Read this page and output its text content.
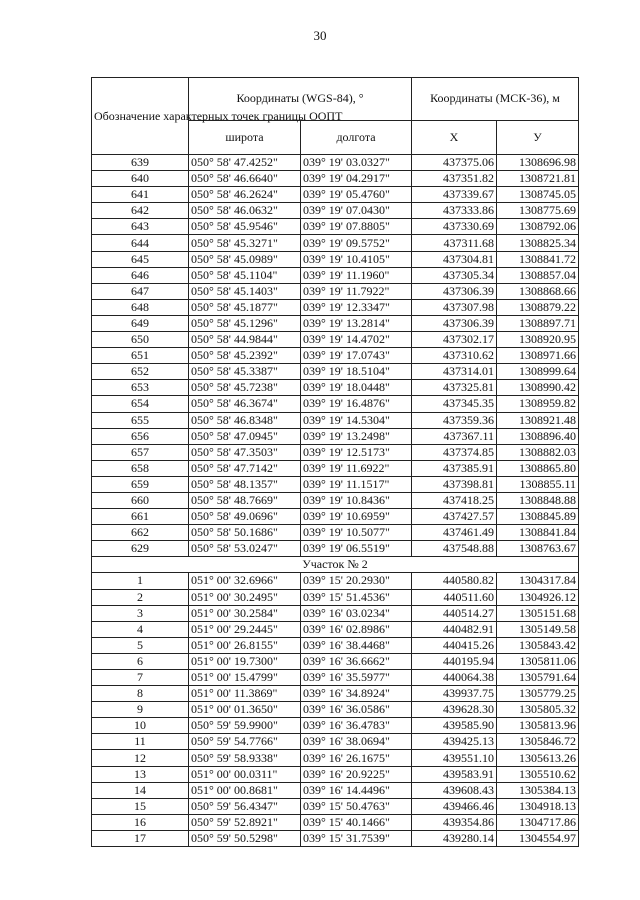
30
Обозначение характерных точек границы ООПТ	Координаты (WGS-84), °		Координаты (МСК-36), м	
	широта	долгота	X	У
639	050° 58' 47.4252"	039° 19' 03.0327"	437375.06	1308696.98
640	050° 58' 46.6640"	039° 19' 04.2917"	437351.82	1308721.81
641	050° 58' 46.2624"	039° 19' 05.4760"	437339.67	1308745.05
642	050° 58' 46.0632"	039° 19' 07.0430"	437333.86	1308775.69
643	050° 58' 45.9546"	039° 19' 07.8805"	437330.69	1308792.06
644	050° 58' 45.3271"	039° 19' 09.5752"	437311.68	1308825.34
645	050° 58' 45.0989"	039° 19' 10.4105"	437304.81	1308841.72
646	050° 58' 45.1104"	039° 19' 11.1960"	437305.34	1308857.04
647	050° 58' 45.1403"	039° 19' 11.7922"	437306.39	1308868.66
648	050° 58' 45.1877"	039° 19' 12.3347"	437307.98	1308879.22
649	050° 58' 45.1296"	039° 19' 13.2814"	437306.39	1308897.71
650	050° 58' 44.9844"	039° 19' 14.4702"	437302.17	1308920.95
651	050° 58' 45.2392"	039° 19' 17.0743"	437310.62	1308971.66
652	050° 58' 45.3387"	039° 19' 18.5104"	437314.01	1308999.64
653	050° 58' 45.7238"	039° 19' 18.0448"	437325.81	1308990.42
654	050° 58' 46.3674"	039° 19' 16.4876"	437345.35	1308959.82
655	050° 58' 46.8348"	039° 19' 14.5304"	437359.36	1308921.48
656	050° 58' 47.0945"	039° 19' 13.2498"	437367.11	1308896.40
657	050° 58' 47.3503"	039° 19' 12.5173"	437374.85	1308882.03
658	050° 58' 47.7142"	039° 19' 11.6922"	437385.91	1308865.80
659	050° 58' 48.1357"	039° 19' 11.1517"	437398.81	1308855.11
660	050° 58' 48.7669"	039° 19' 10.8436"	437418.25	1308848.88
661	050° 58' 49.0696"	039° 19' 10.6959"	437427.57	1308845.89
662	050° 58' 50.1686"	039° 19' 10.5077"	437461.49	1308841.84
629	050° 58' 53.0247"	039° 19' 06.5519"	437548.88	1308763.67
Участок № 2				
1	051° 00' 32.6966"	039° 15' 20.2930"	440580.82	1304317.84
2	051° 00' 30.2495"	039° 15' 51.4536"	440511.60	1304926.12
3	051° 00' 30.2584"	039° 16' 03.0234"	440514.27	1305151.68
4	051° 00' 29.2445"	039° 16' 02.8986"	440482.91	1305149.58
5	051° 00' 26.8155"	039° 16' 38.4468"	440415.26	1305843.42
6	051° 00' 19.7300"	039° 16' 36.6662"	440195.94	1305811.06
7	051° 00' 15.4799"	039° 16' 35.5977"	440064.38	1305791.64
8	051° 00' 11.3869"	039° 16' 34.8924"	439937.75	1305779.25
9	051° 00' 01.3650"	039° 16' 36.0586"	439628.30	1305805.32
10	050° 59' 59.9900"	039° 16' 36.4783"	439585.90	1305813.96
11	050° 59' 54.7766"	039° 16' 38.0694"	439425.13	1305846.72
12	050° 59' 58.9338"	039° 16' 26.1675"	439551.10	1305613.26
13	051° 00' 00.0311"	039° 16' 20.9225"	439583.91	1305510.62
14	051° 00' 00.8681"	039° 16' 14.4496"	439608.43	1305384.13
15	050° 59' 56.4347"	039° 15' 50.4763"	439466.46	1304918.13
16	050° 59' 52.8921"	039° 15' 40.1466"	439354.86	1304717.86
17	050° 59' 50.5298"	039° 15' 31.7539"	439280.14	1304554.97
